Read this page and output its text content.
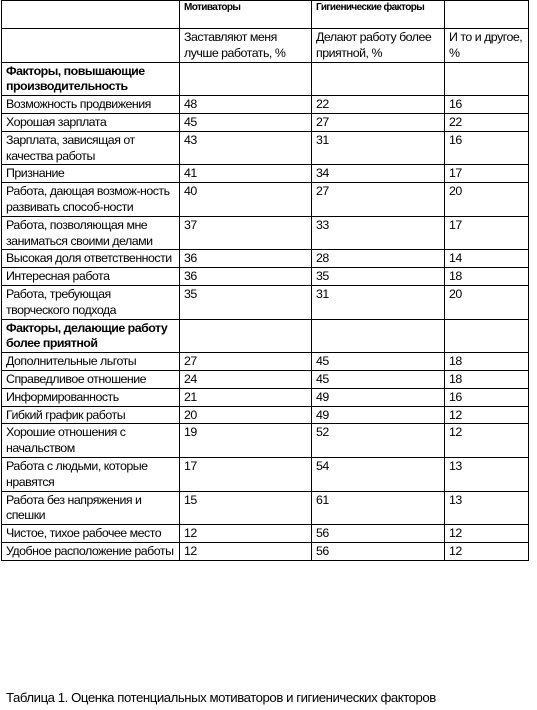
	Мотиваторы	Гигиенические факторы	
	Заставляют меня лучше работать, %	Делают работу более приятной, %	И то и другое, %
Факторы, повышающие производительность			
Возможность продвижения	48	22	16
Хорошая зарплата	45	27	22
Зарплата, зависящая от качества работы	43	31	16
Признание	41	34	17
Работа, дающая возмож-ность развивать способ-ности	40	27	20
Работа, позволяющая мне заниматься своими делами	37	33	17
Высокая доля ответственности	36	28	14
Интересная работа	36	35	18
Работа, требующая творческого подхода	35	31	20
Факторы, делающие работу более приятной			
Дополнительные льготы	27	45	18
Справедливое отношение	24	45	18
Информированность	21	49	16
Гибкий график работы	20	49	12
Хорошие отношения с начальством	19	52	12
Работа с людьми, которые нравятся	17	54	13
Работа без напряжения и спешки	15	61	13
Чистое, тихое рабочее место	12	56	12
Удобное расположение работы	12	56	12
Таблица 1. Оценка потенциальных мотиваторов и гигиенических факторов
